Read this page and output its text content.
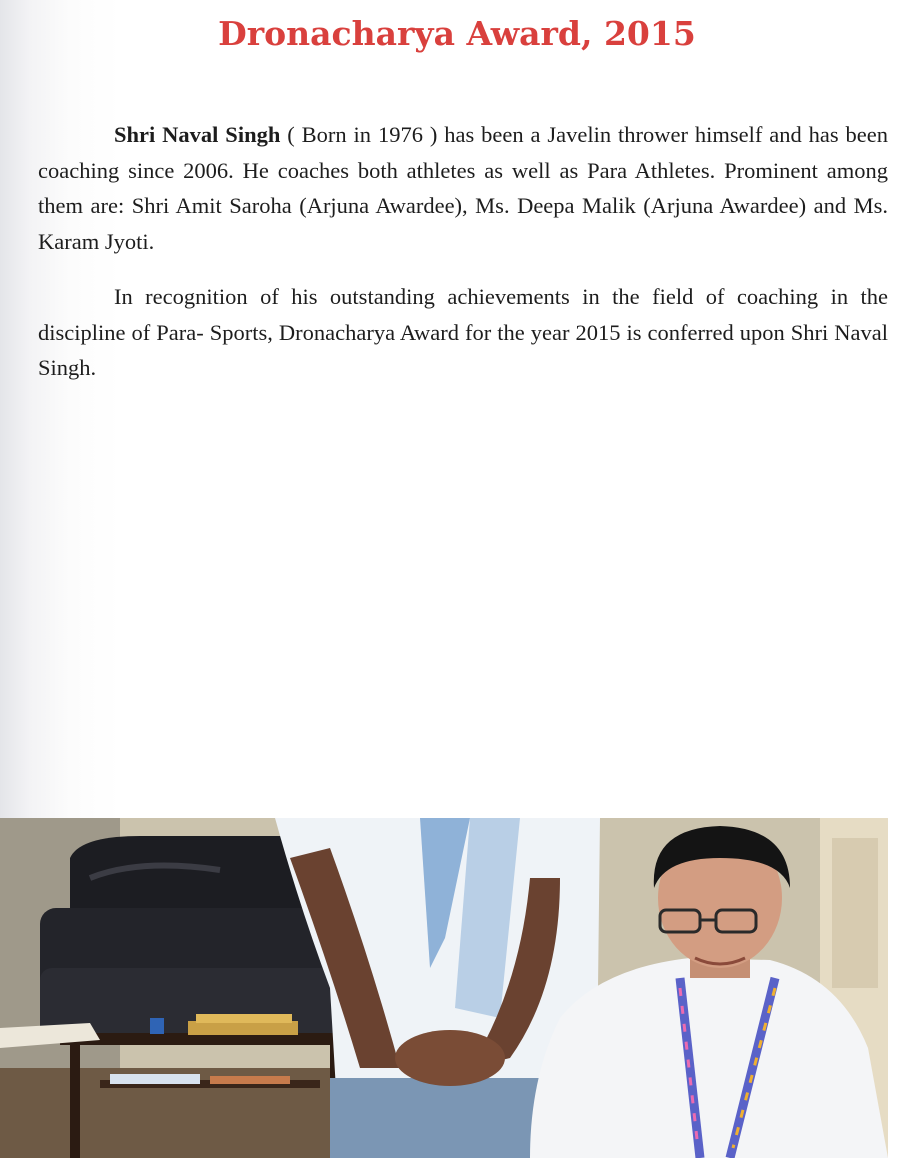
Dronacharya Award, 2015

Shri Naval Singh ( Born in 1976 ) has been a Javelin thrower himself and has been coaching since 2006. He coaches both athletes as well as Para Athletes. Prominent among them are: Shri Amit Saroha (Arjuna Awardee), Ms. Deepa Malik (Arjuna Awardee) and Ms. Karam Jyoti.

In recognition of his outstanding achievements in the field of coaching in the discipline of Para- Sports, Dronacharya Award for the year 2015 is conferred upon Shri Naval Singh.
